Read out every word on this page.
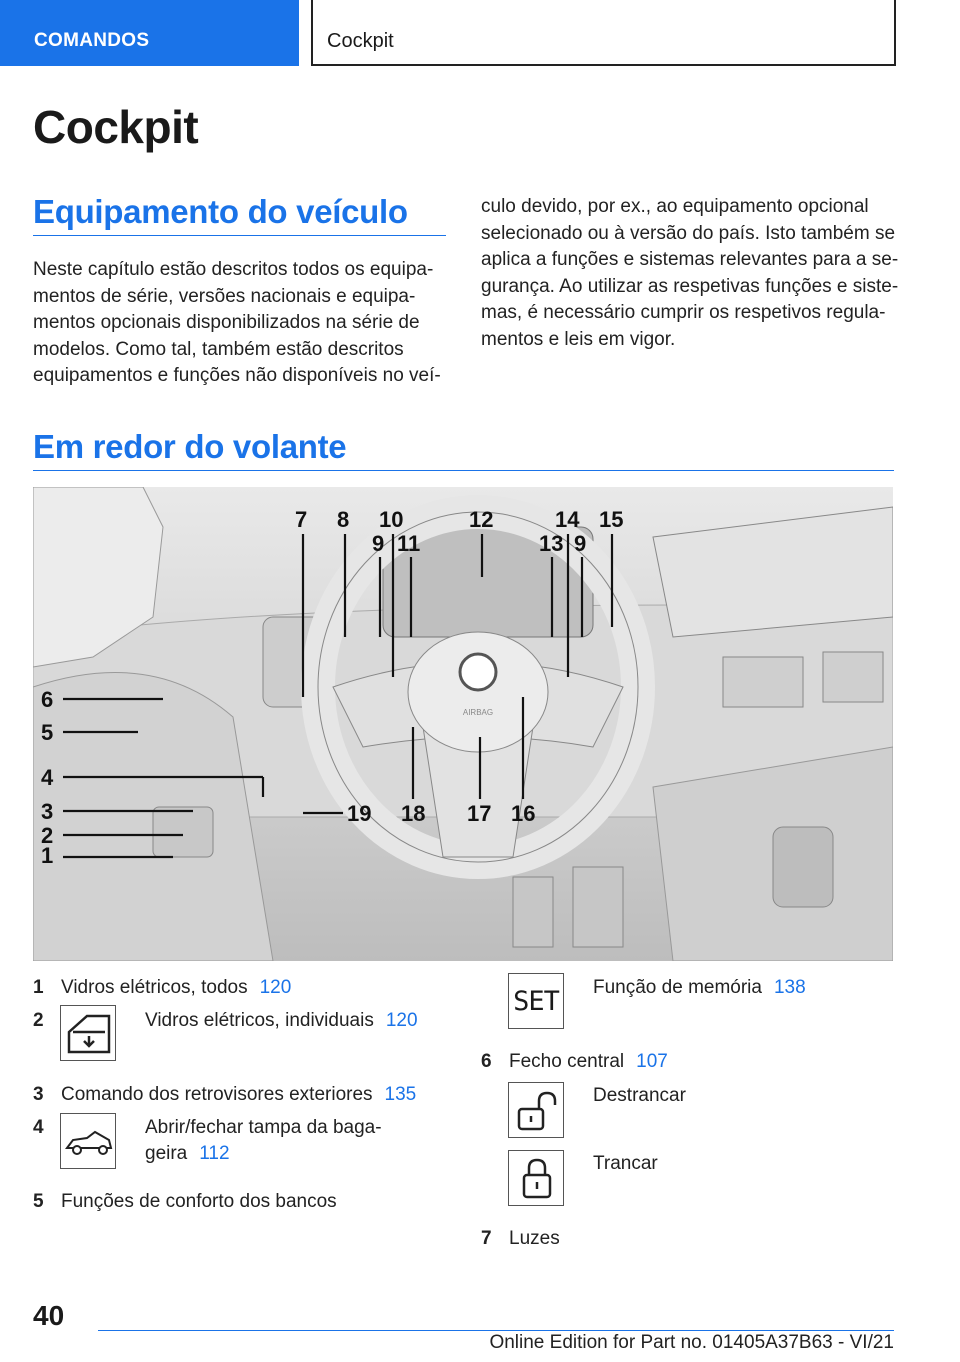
COMANDOS	Cockpit
Cockpit
Equipamento do veículo
Neste capítulo estão descritos todos os equipa-
mentos de série, versões nacionais e equipa-
mentos opcionais disponibilizados na série de
modelos. Como tal, também estão descritos
equipamentos e funções não disponíveis no veí-
culo devido, por ex., ao equipamento opcional
selecionado ou à versão do país. Isto também se
aplica a funções e sistemas relevantes para a se-
gurança. Ao utilizar as respetivas funções e siste-
mas, é necessário cumprir os respetivos regula-
mentos e leis em vigor.
Em redor do volante
AIRBAG
1
2
3
4
5
6
7 8
9
10
11
12
13
14 15
9
16
17
18
19
1 Vidros elétricos, todos 120
2	Vidros elétricos, individuais 120
3 Comando dos retrovisores exteriores 135
4	Abrir/fechar tampa da baga-
geira 112
5 Funções de conforto dos bancos
SET Função de memória 138
6 Fecho central 107
Destrancar
Trancar
7 Luzes
40
Online Edition for Part no. 01405A37B63 - VI/21
